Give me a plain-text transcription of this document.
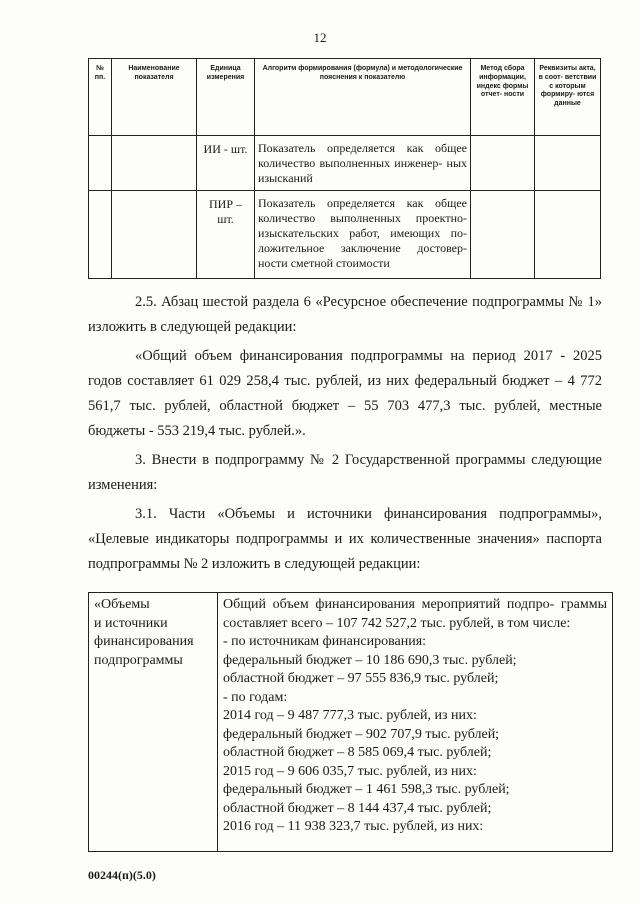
12
№ пп.	Наименование показателя	Единица измерения	Алгоритм формирования (формула) и методологические пояснения к показателю	Метод сбора информации, индекс формы отчет- ности	Реквизиты акта, в соот- ветствии с которым формиру- ются данные
		ИИ - шт.	Показатель определяется как общее количество выполненных инженер- ных изысканий		
		ПИР – шт.	Показатель определяется как общее количество выполненных проектно- изыскательских работ, имеющих по- ложительное заключение достовер- ности сметной стоимости		

2.5. Абзац шестой раздела 6 «Ресурсное обеспечение подпрограммы № 1» изложить в следующей редакции:

«Общий объем финансирования подпрограммы на период 2017 - 2025 годов составляет 61 029 258,4 тыс. рублей, из них федеральный бюджет – 4 772 561,7 тыс. рублей, областной бюджет – 55 703 477,3 тыс. рублей, местные бюджеты - 553 219,4 тыс. рублей.».

3. Внести в подпрограмму № 2 Государственной программы следующие изменения:

3.1. Части «Объемы и источники финансирования подпрограммы», «Целевые индикаторы подпрограммы и их количественные значения» паспорта подпрограммы № 2 изложить в следующей редакции:

«Объемы
и источники
финансирования
подпрограммы

Общий объем финансирования мероприятий подпро- граммы составляет всего – 107 742 527,2 тыс. рублей, в том числе:
- по источникам финансирования:
федеральный бюджет – 10 186 690,3 тыс. рублей;
областной бюджет – 97 555 836,9 тыс. рублей;
- по годам:
2014 год – 9 487 777,3 тыс. рублей, из них:
федеральный бюджет – 902 707,9 тыс. рублей;
областной бюджет – 8 585 069,4 тыс. рублей;
2015 год – 9 606 035,7 тыс. рублей, из них:
федеральный бюджет – 1 461 598,3 тыс. рублей;
областной бюджет – 8 144 437,4 тыс. рублей;
2016 год – 11 938 323,7 тыс. рублей, из них:
00244(п)(5.0)
